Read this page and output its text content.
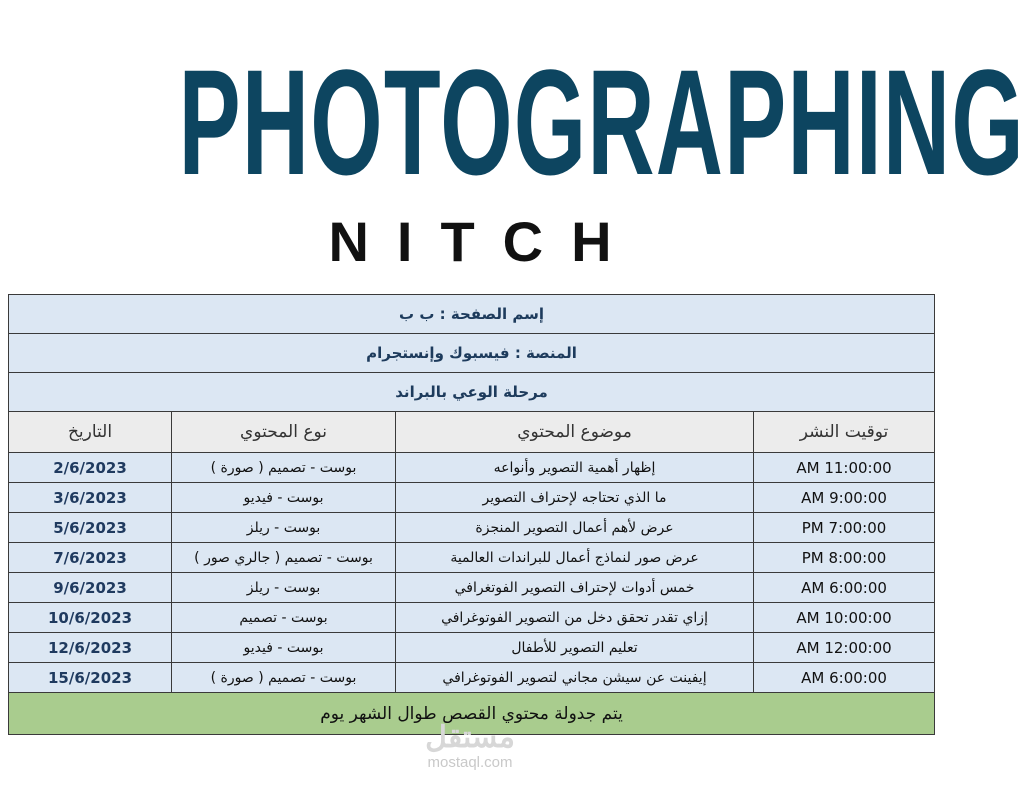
PHOTOGRAPHING
NITCH
إسم الصفحة : ب ب			
المنصة : فيسبوك وإنستجرام			
مرحلة الوعي بالبراند			
توقيت النشر	موضوع المحتوي	نوع المحتوي	التاريخ
11:00:00 AM	إظهار أهمية التصوير وأنواعه	بوست - تصميم ( صورة )	2/6/2023
9:00:00 AM	ما الذي تحتاجه لإحتراف التصوير	بوست - فيديو	3/6/2023
7:00:00 PM	عرض لأهم أعمال التصوير المنجزة	بوست - ريلز	5/6/2023
8:00:00 PM	عرض صور لنماذج أعمال للبراندات العالمية	بوست - تصميم ( جالري صور )	7/6/2023
6:00:00 AM	خمس أدوات لإحتراف التصوير الفوتغرافي	بوست - ريلز	9/6/2023
10:00:00 AM	إزاي تقدر تحقق دخل من التصوير الفوتوغرافي	بوست - تصميم	10/6/2023
12:00:00 AM	تعليم التصوير للأطفال	بوست - فيديو	12/6/2023
6:00:00 AM	إيفينت عن سيشن مجاني لتصوير الفوتوغرافي	بوست - تصميم ( صورة )	15/6/2023
يتم جدولة محتوي القصص طوال الشهر يوم			
مستقل
mostaql.com
